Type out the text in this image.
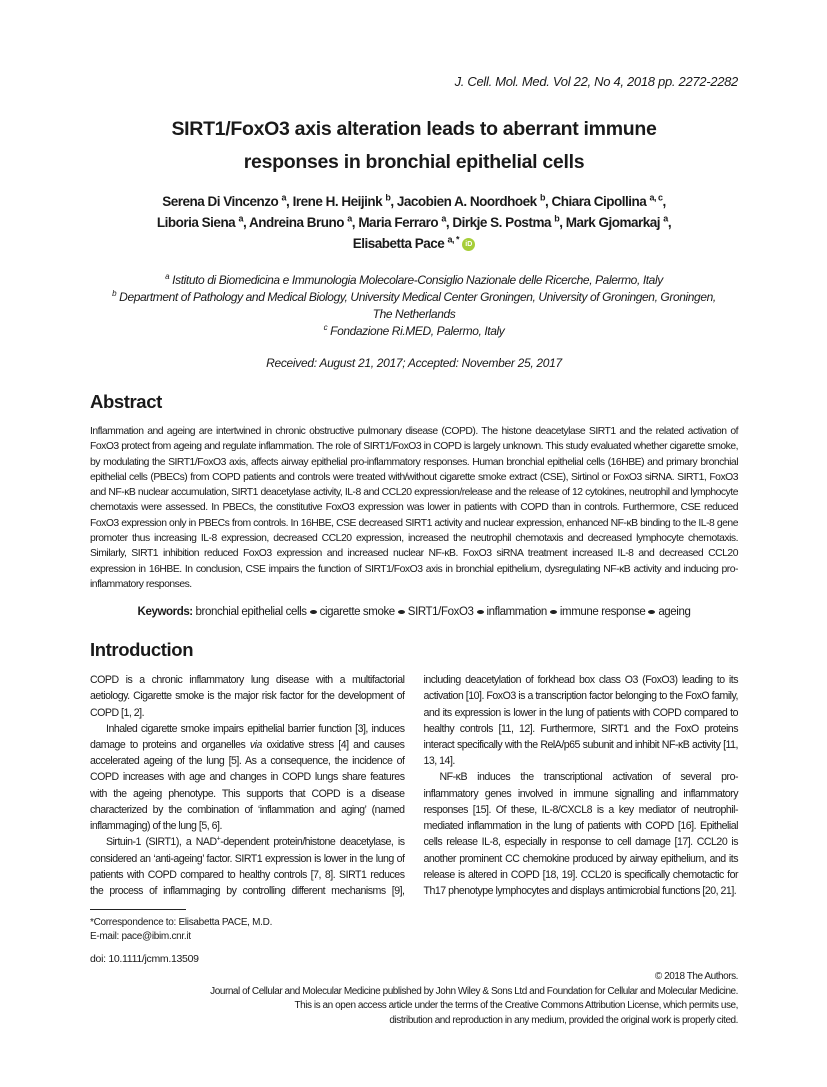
J. Cell. Mol. Med. Vol 22, No 4, 2018 pp. 2272-2282
SIRT1/FoxO3 axis alteration leads to aberrant immune
responses in bronchial epithelial cells
Serena Di Vincenzo $^a$, Irene H. Heijink $^b$, Jacobien A. Noordhoek $^b$, Chiara Cipollina $^{a, c}$,
Liboria Siena $^a$, Andreina Bruno $^a$, Maria Ferraro $^a$, Dirkje S. Postma $^b$, Mark Gjomarkaj $^a$,
Elisabetta Pace $^{a, *}$ iD
$^a$ Istituto di Biomedicina e Immunologia Molecolare-Consiglio Nazionale delle Ricerche, Palermo, Italy
$^b$ Department of Pathology and Medical Biology, University Medical Center Groningen, University of Groningen, Groningen,
The Netherlands
$^c$ Fondazione Ri.MED, Palermo, Italy
Received: August 21, 2017; Accepted: November 25, 2017
Abstract

Inflammation and ageing are intertwined in chronic obstructive pulmonary disease (COPD). The histone deacetylase SIRT1 and the related activation of FoxO3 protect from ageing and regulate inflammation. The role of SIRT1/FoxO3 in COPD is largely unknown. This study evaluated whether cigarette smoke, by modulating the SIRT1/FoxO3 axis, affects airway epithelial pro-inflammatory responses. Human bronchial epithelial cells (16HBE) and primary bronchial epithelial cells (PBECs) from COPD patients and controls were treated with/without cigarette smoke extract (CSE), Sirtinol or FoxO3 siRNA. SIRT1, FoxO3 and NF-κB nuclear accumulation, SIRT1 deacetylase activity, IL-8 and CCL20 expression/release and the release of 12 cytokines, neutrophil and lymphocyte chemotaxis were assessed. In PBECs, the constitutive FoxO3 expression was lower in patients with COPD than in controls. Furthermore, CSE reduced FoxO3 expression only in PBECs from controls. In 16HBE, CSE decreased SIRT1 activity and nuclear expression, enhanced NF-κB binding to the IL-8 gene promoter thus increasing IL-8 expression, decreased CCL20 expression, increased the neutrophil chemotaxis and decreased lymphocyte chemotaxis. Similarly, SIRT1 inhibition reduced FoxO3 expression and increased nuclear NF-κB. FoxO3 siRNA treatment increased IL-8 and decreased CCL20 expression in 16HBE. In conclusion, CSE impairs the function of SIRT1/FoxO3 axis in bronchial epithelium, dysregulating NF-κB activity and inducing pro-inflammatory responses.

Keywords: bronchial epithelial cells cigarette smoke SIRT1/FoxO3 inflammation immune response ageing
Introduction

COPD is a chronic inflammatory lung disease with a multifactorial aetiology. Cigarette smoke is the major risk factor for the development of COPD [1, 2].

Inhaled cigarette smoke impairs epithelial barrier function [3], induces damage to proteins and organelles via oxidative stress [4] and causes accelerated ageing of the lung [5]. As a consequence, the incidence of COPD increases with age and changes in COPD lungs share features with the ageing phenotype. This supports that COPD is a disease characterized by the combination of ‘inflammation and aging’ (named inflammaging) of the lung [5, 6].

Sirtuin-1 (SIRT1), a NAD+-dependent protein/histone deacetylase, is considered an ‘anti-ageing’ factor. SIRT1 expression is lower in the lung of patients with COPD compared to healthy controls [7, 8]. SIRT1 reduces the process of inflammaging by controlling different mechanisms [9], including deacetylation of forkhead box class O3 (FoxO3) leading to its activation [10]. FoxO3 is a transcription factor belonging to the FoxO family, and its expression is lower in the lung of patients with COPD compared to healthy controls [11, 12]. Furthermore, SIRT1 and the FoxO proteins interact specifically with the RelA/p65 subunit and inhibit NF-κB activity [11, 13, 14].

NF-κB induces the transcriptional activation of several pro-inflammatory genes involved in immune signalling and inflammatory responses [15]. Of these, IL-8/CXCL8 is a key mediator of neutrophil-mediated inflammation in the lung of patients with COPD [16]. Epithelial cells release IL-8, especially in response to cell damage [17]. CCL20 is another prominent CC chemokine produced by airway epithelium, and its release is altered in COPD [18, 19]. CCL20 is specifically chemotactic for Th17 phenotype lymphocytes and displays antimicrobial functions [20, 21].

*Correspondence to: Elisabetta PACE, M.D.
E-mail: pace@ibim.cnr.it
doi: 10.1111/jcmm.13509
© 2018 The Authors.
Journal of Cellular and Molecular Medicine published by John Wiley & Sons Ltd and Foundation for Cellular and Molecular Medicine.
This is an open access article under the terms of the Creative Commons Attribution License, which permits use,
distribution and reproduction in any medium, provided the original work is properly cited.
